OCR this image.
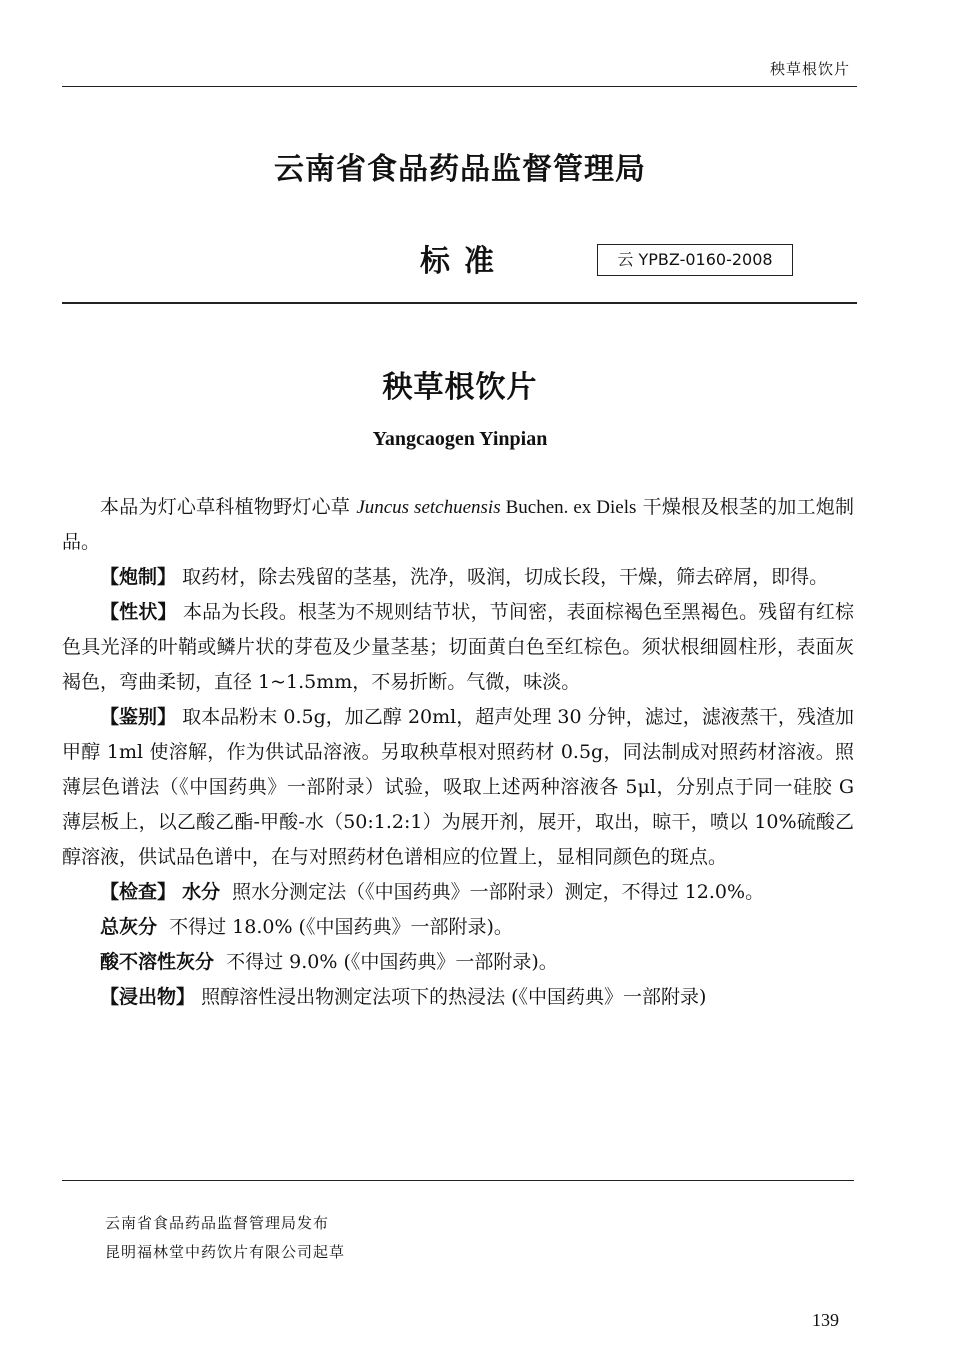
秧草根饮片
云南省食品药品监督管理局
标准	云 YPBZ-0160-2008
秧草根饮片
Yangcaogen Yinpian

本品为灯心草科植物野灯心草 Juncus setchuensis Buchen. ex Diels 干燥根及根茎的加工炮制品。

【炮制】 取药材，除去残留的茎基，洗净，吸润，切成长段，干燥，筛去碎屑，即得。

【性状】 本品为长段。根茎为不规则结节状，节间密，表面棕褐色至黑褐色。残留有红棕色具光泽的叶鞘或鳞片状的芽苞及少量茎基；切面黄白色至红棕色。须状根细圆柱形，表面灰褐色，弯曲柔韧，直径 1~1.5mm，不易折断。气微，味淡。

【鉴别】 取本品粉末 0.5g，加乙醇 20ml，超声处理 30 分钟，滤过，滤液蒸干，残渣加甲醇 1ml 使溶解，作为供试品溶液。另取秧草根对照药材 0.5g，同法制成对照药材溶液。照薄层色谱法（《中国药典》一部附录）试验，吸取上述两种溶液各 5μl，分别点于同一硅胶 G 薄层板上，以乙酸乙酯-甲酸-水（50:1.2:1）为展开剂，展开，取出，晾干，喷以 10%硫酸乙醇溶液，供试品色谱中，在与对照药材色谱相应的位置上，显相同颜色的斑点。

【检查】 水分 照水分测定法（《中国药典》一部附录）测定，不得过 12.0%。

总灰分 不得过 18.0% (《中国药典》一部附录)。

酸不溶性灰分 不得过 9.0% (《中国药典》一部附录)。

【浸出物】 照醇溶性浸出物测定法项下的热浸法 (《中国药典》一部附录)

云南省食品药品监督管理局发布
昆明福林堂中药饮片有限公司起草
139
